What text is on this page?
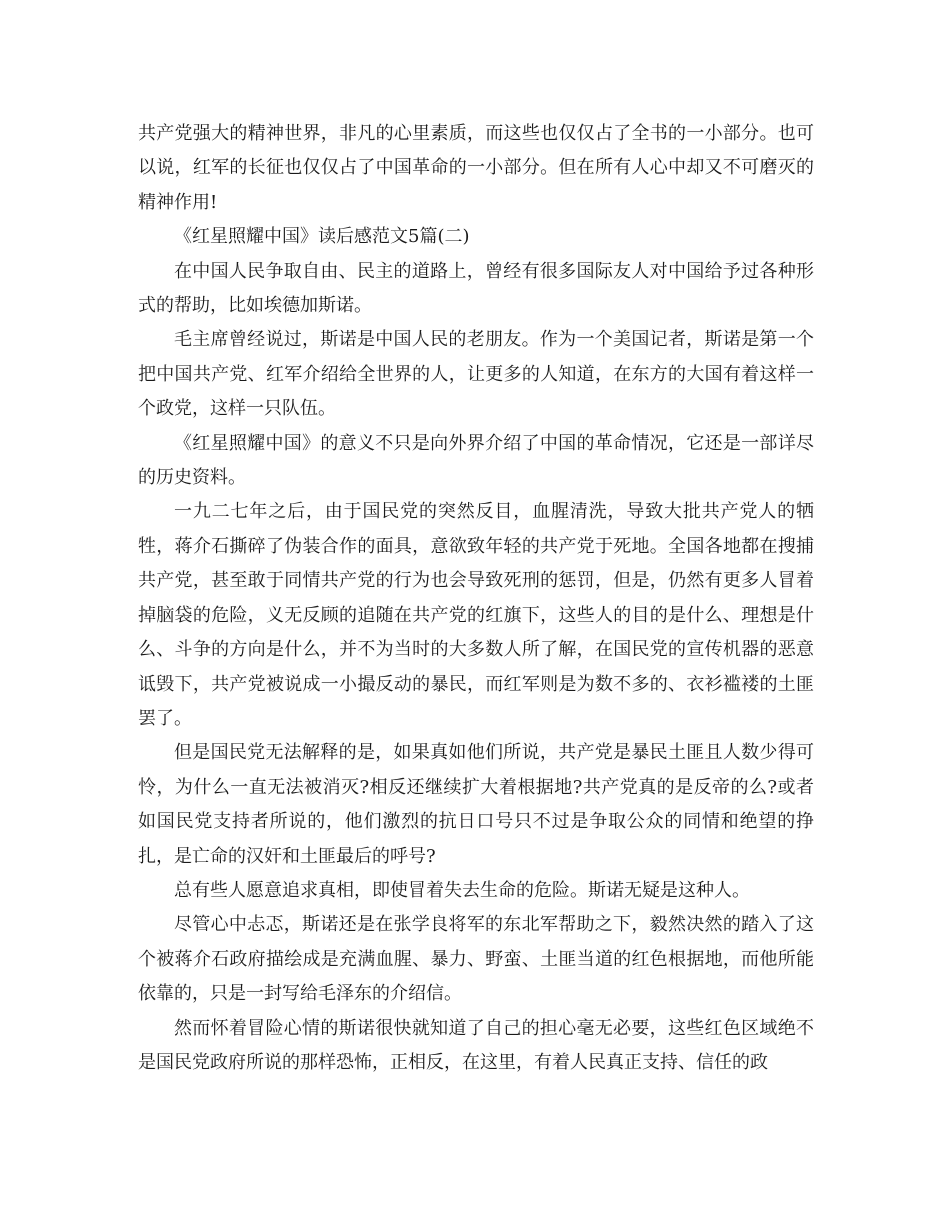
共产党强大的精神世界，非凡的心里素质，而这些也仅仅占了全书的一小部分。也可以说，红军的长征也仅仅占了中国革命的一小部分。但在所有人心中却又不可磨灭的精神作用!

《红星照耀中国》读后感范文5篇(二)

在中国人民争取自由、民主的道路上，曾经有很多国际友人对中国给予过各种形式的帮助，比如埃德加斯诺。

毛主席曾经说过，斯诺是中国人民的老朋友。作为一个美国记者，斯诺是第一个把中国共产党、红军介绍给全世界的人，让更多的人知道，在东方的大国有着这样一个政党，这样一只队伍。

《红星照耀中国》的意义不只是向外界介绍了中国的革命情况，它还是一部详尽的历史资料。

一九二七年之后，由于国民党的突然反目，血腥清洗，导致大批共产党人的牺牲，蒋介石撕碎了伪装合作的面具，意欲致年轻的共产党于死地。全国各地都在搜捕共产党，甚至敢于同情共产党的行为也会导致死刑的惩罚，但是，仍然有更多人冒着掉脑袋的危险，义无反顾的追随在共产党的红旗下，这些人的目的是什么、理想是什么、斗争的方向是什么，并不为当时的大多数人所了解，在国民党的宣传机器的恶意诋毁下，共产党被说成一小撮反动的暴民，而红军则是为数不多的、衣衫褴褛的土匪罢了。

但是国民党无法解释的是，如果真如他们所说，共产党是暴民土匪且人数少得可怜，为什么一直无法被消灭?相反还继续扩大着根据地?共产党真的是反帝的么?或者如国民党支持者所说的，他们激烈的抗日口号只不过是争取公众的同情和绝望的挣扎，是亡命的汉奸和土匪最后的呼号?

总有些人愿意追求真相，即使冒着失去生命的危险。斯诺无疑是这种人。

尽管心中忐忑，斯诺还是在张学良将军的东北军帮助之下，毅然决然的踏入了这个被蒋介石政府描绘成是充满血腥、暴力、野蛮、土匪当道的红色根据地，而他所能依靠的，只是一封写给毛泽东的介绍信。

然而怀着冒险心情的斯诺很快就知道了自己的担心毫无必要，这些红色区域绝不是国民党政府所说的那样恐怖，正相反，在这里，有着人民真正支持、信任的政
